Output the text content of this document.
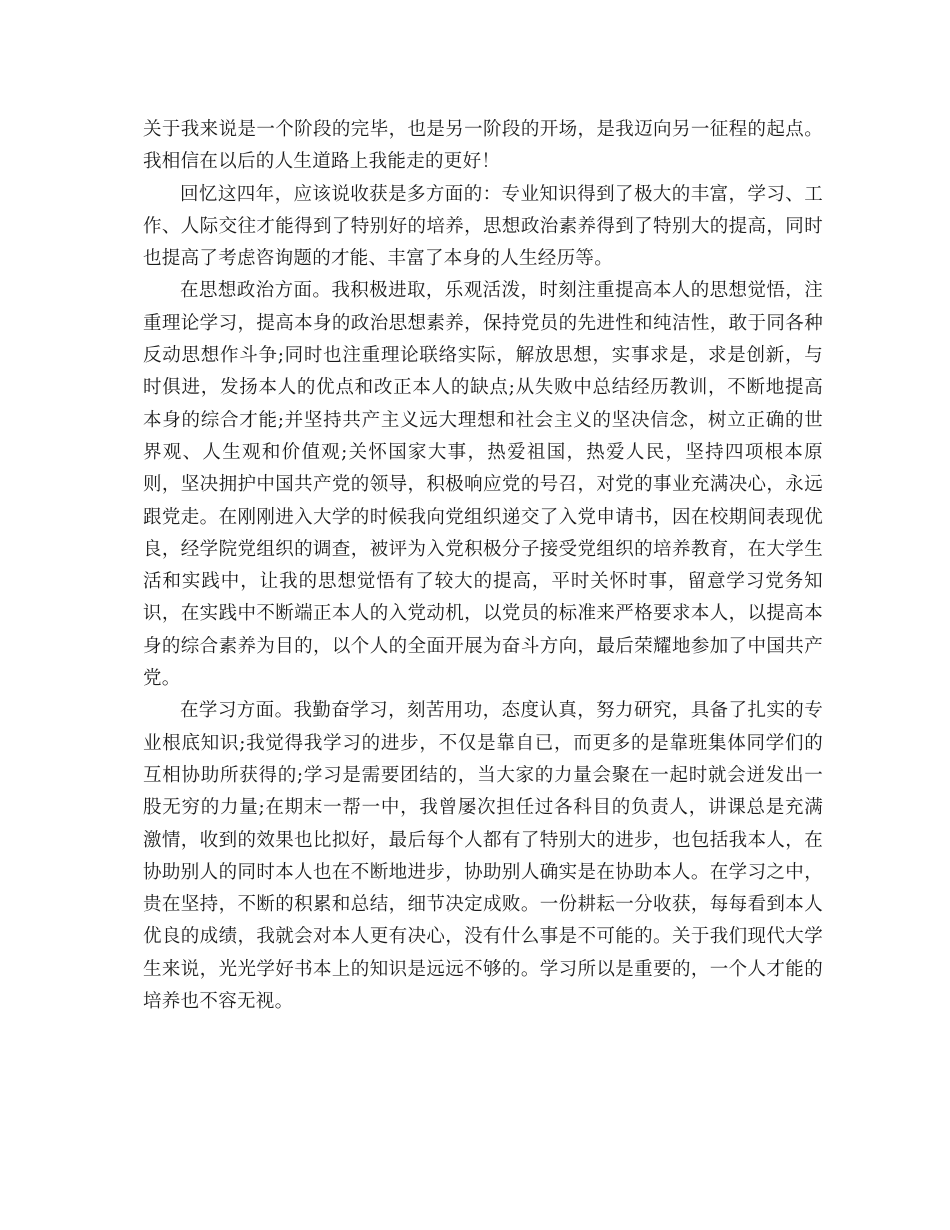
关于我来说是一个阶段的完毕，也是另一阶段的开场，是我迈向另一征程的起点。我相信在以后的人生道路上我能走的更好！

回忆这四年，应该说收获是多方面的：专业知识得到了极大的丰富，学习、工作、人际交往才能得到了特别好的培养，思想政治素养得到了特别大的提高，同时也提高了考虑咨询题的才能、丰富了本身的人生经历等。

在思想政治方面。我积极进取，乐观活泼，时刻注重提高本人的思想觉悟，注重理论学习，提高本身的政治思想素养，保持党员的先进性和纯洁性，敢于同各种反动思想作斗争;同时也注重理论联络实际，解放思想，实事求是，求是创新，与时俱进，发扬本人的优点和改正本人的缺点;从失败中总结经历教训，不断地提高本身的综合才能;并坚持共产主义远大理想和社会主义的坚决信念，树立正确的世界观、人生观和价值观;关怀国家大事，热爱祖国，热爱人民，坚持四项根本原则，坚决拥护中国共产党的领导，积极响应党的号召，对党的事业充满决心，永远跟党走。在刚刚进入大学的时候我向党组织递交了入党申请书，因在校期间表现优良，经学院党组织的调查，被评为入党积极分子接受党组织的培养教育，在大学生活和实践中，让我的思想觉悟有了较大的提高，平时关怀时事，留意学习党务知识，在实践中不断端正本人的入党动机，以党员的标准来严格要求本人，以提高本身的综合素养为目的，以个人的全面开展为奋斗方向，最后荣耀地参加了中国共产党。

在学习方面。我勤奋学习，刻苦用功，态度认真，努力研究，具备了扎实的专业根底知识;我觉得我学习的进步，不仅是靠自已，而更多的是靠班集体同学们的互相协助所获得的;学习是需要团结的，当大家的力量会聚在一起时就会迸发出一股无穷的力量;在期末一帮一中，我曾屡次担任过各科目的负责人，讲课总是充满激情，收到的效果也比拟好，最后每个人都有了特别大的进步，也包括我本人，在协助别人的同时本人也在不断地进步，协助别人确实是在协助本人。在学习之中，贵在坚持，不断的积累和总结，细节决定成败。一份耕耘一分收获，每每看到本人优良的成绩，我就会对本人更有决心，没有什么事是不可能的。关于我们现代大学生来说，光光学好书本上的知识是远远不够的。学习所以是重要的，一个人才能的培养也不容无视。
